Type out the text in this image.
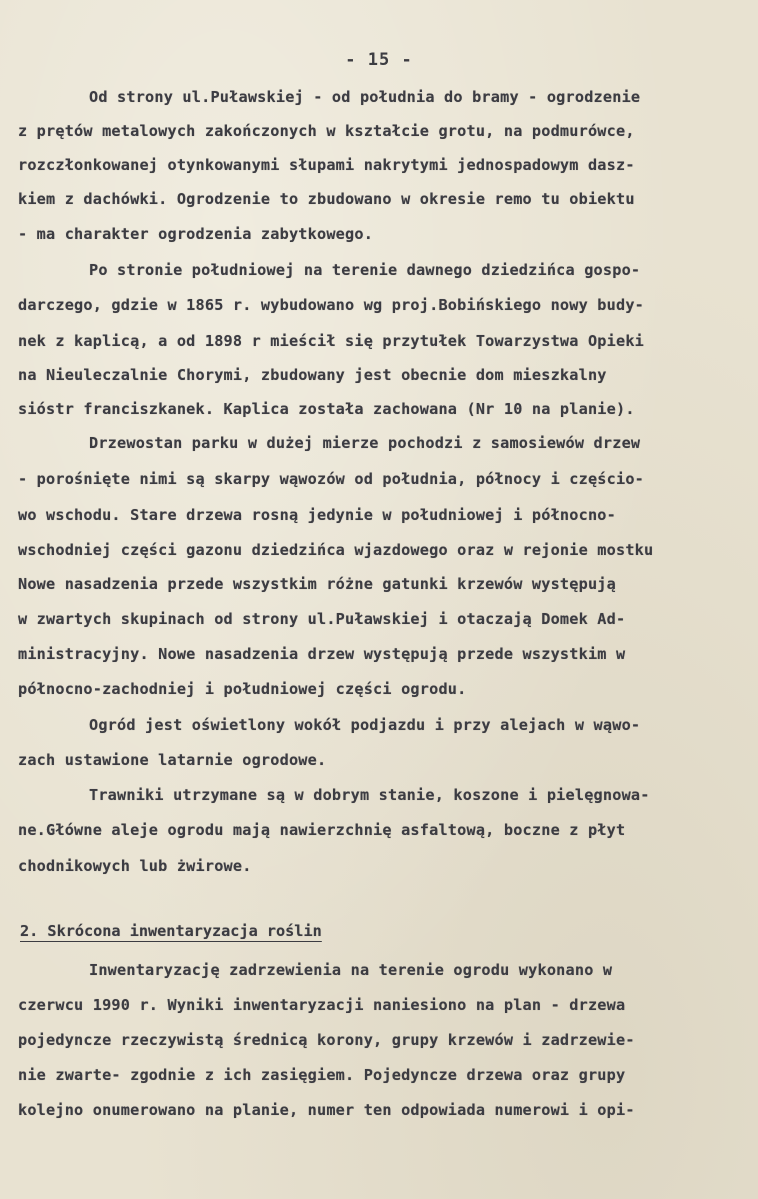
- 15 -
Od strony ul.Puławskiej - od południa do bramy - ogrodzenie
z prętów metalowych zakończonych w kształcie grotu, na podmurówce,
rozczłonkowanej otynkowanymi słupami nakrytymi jednospadowym dasz-
kiem z dachówki. Ogrodzenie to zbudowano w okresie remo tu obiektu
- ma charakter ogrodzenia zabytkowego.
Po stronie południowej na terenie dawnego dziedzińca gospo-
darczego, gdzie w 1865 r. wybudowano wg proj.Bobińskiego nowy budy-
nek z kaplicą, a od 1898 r mieścił się przytułek Towarzystwa Opieki
na Nieuleczalnie Chorymi, zbudowany jest obecnie dom mieszkalny
sióstr franciszkanek. Kaplica została zachowana (Nr 10 na planie).
Drzewostan parku w dużej mierze pochodzi z samosiewów drzew
- porośnięte nimi są skarpy wąwozów od południa, północy i częścio-
wo wschodu. Stare drzewa rosną jedynie w południowej i północno-
wschodniej części gazonu dziedzińca wjazdowego oraz w rejonie mostku
Nowe nasadzenia przede wszystkim różne gatunki krzewów występują
w zwartych skupinach od strony ul.Puławskiej i otaczają Domek Ad-
ministracyjny. Nowe nasadzenia drzew występują przede wszystkim w
północno-zachodniej i południowej części ogrodu.
Ogród jest oświetlony wokół podjazdu i przy alejach w wąwo-
zach ustawione latarnie ogrodowe.
Trawniki utrzymane są w dobrym stanie, koszone i pielęgnowa-
ne.Główne aleje ogrodu mają nawierzchnię asfaltową, boczne z płyt
chodnikowych lub żwirowe.
2. Skrócona inwentaryzacja roślin
Inwentaryzację zadrzewienia na terenie ogrodu wykonano w
czerwcu 1990 r. Wyniki inwentaryzacji naniesiono na plan - drzewa
pojedyncze rzeczywistą średnicą korony, grupy krzewów i zadrzewie-
nie zwarte- zgodnie z ich zasięgiem. Pojedyncze drzewa oraz grupy
kolejno onumerowano na planie, numer ten odpowiada numerowi i opi-
